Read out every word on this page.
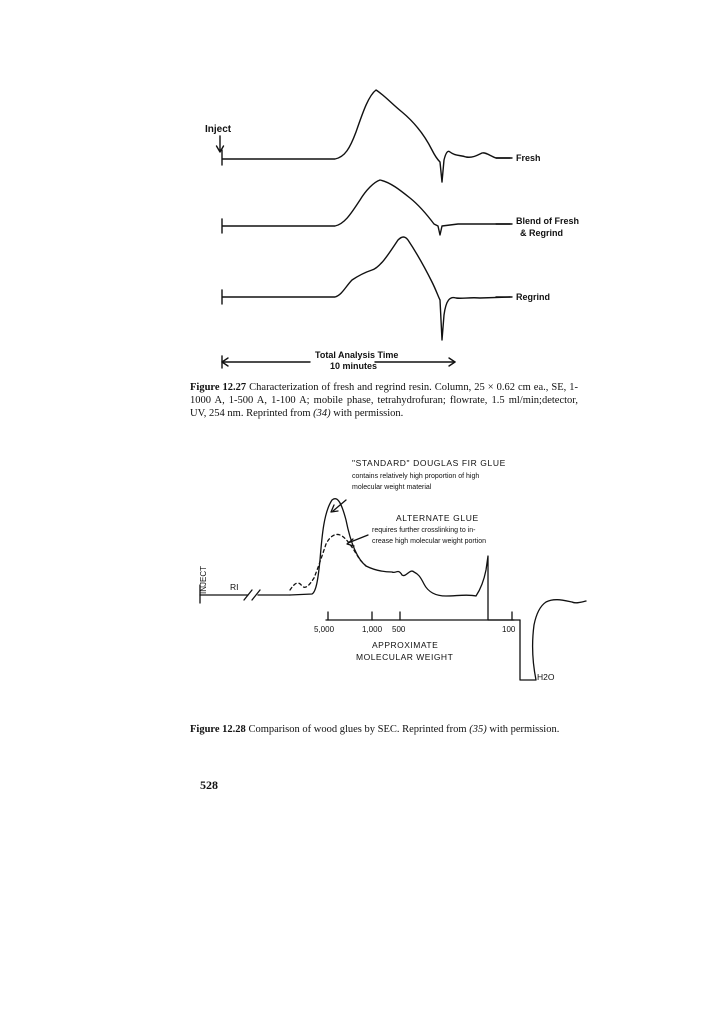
Inject
Fresh
Blend of Fresh
& Regrind
Regrind
Total Analysis Time
10 minutes
Figure 12.27 Characterization of fresh and regrind resin. Column, 25 × 0.62 cm ea., SE, 1-1000 A, 1-500 A, 1-100 A; mobile phase, tetrahydrofuran; flowrate, 1.5 ml/min;detector, UV, 254 nm. Reprinted from (34) with permission.
"STANDARD" DOUGLAS FIR GLUE
contains relatively high proportion of high
molecular weight material
ALTERNATE GLUE
requires further crosslinking to in-
crease high molecular weight portion
INJECT	RI
5,000	1,000 500	100
APPROXIMATE
MOLECULAR WEIGHT
H2O
Figure 12.28 Comparison of wood glues by SEC. Reprinted from (35) with permission.
528
